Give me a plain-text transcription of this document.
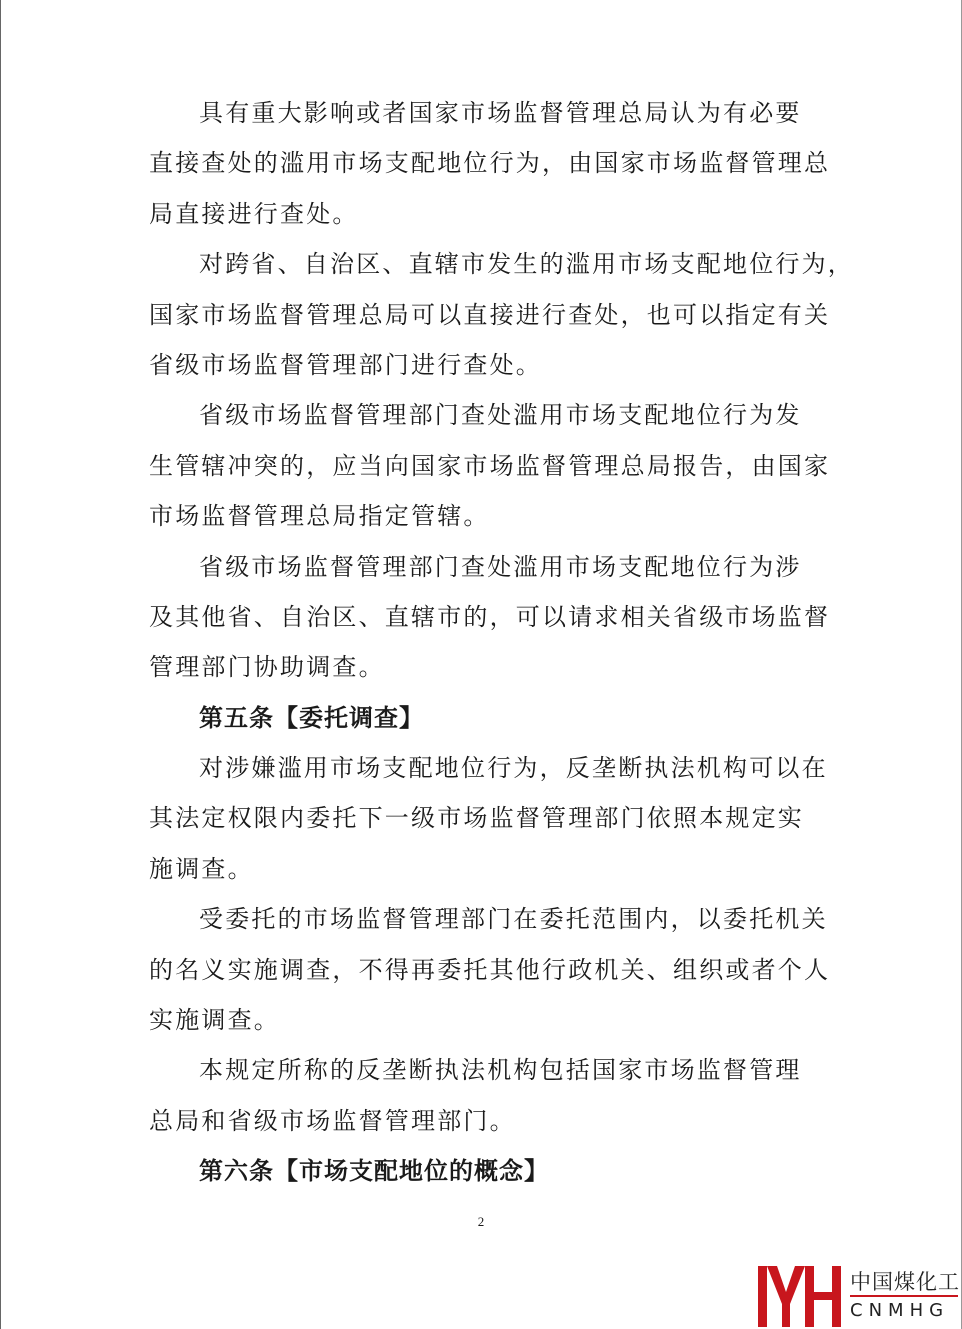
具有重大影响或者国家市场监督管理总局认为有必要
直接查处的滥用市场支配地位行为，由国家市场监督管理总
局直接进行查处。
对跨省、自治区、直辖市发生的滥用市场支配地位行为，
国家市场监督管理总局可以直接进行查处，也可以指定有关
省级市场监督管理部门进行查处。
省级市场监督管理部门查处滥用市场支配地位行为发
生管辖冲突的，应当向国家市场监督管理总局报告，由国家
市场监督管理总局指定管辖。
省级市场监督管理部门查处滥用市场支配地位行为涉
及其他省、自治区、直辖市的，可以请求相关省级市场监督
管理部门协助调查。
第五条【委托调查】
对涉嫌滥用市场支配地位行为，反垄断执法机构可以在
其法定权限内委托下一级市场监督管理部门依照本规定实
施调查。
受委托的市场监督管理部门在委托范围内，以委托机关
的名义实施调查，不得再委托其他行政机关、组织或者个人
实施调查。
本规定所称的反垄断执法机构包括国家市场监督管理
总局和省级市场监督管理部门。
第六条【市场支配地位的概念】
2
中国煤化工
CNMHG
